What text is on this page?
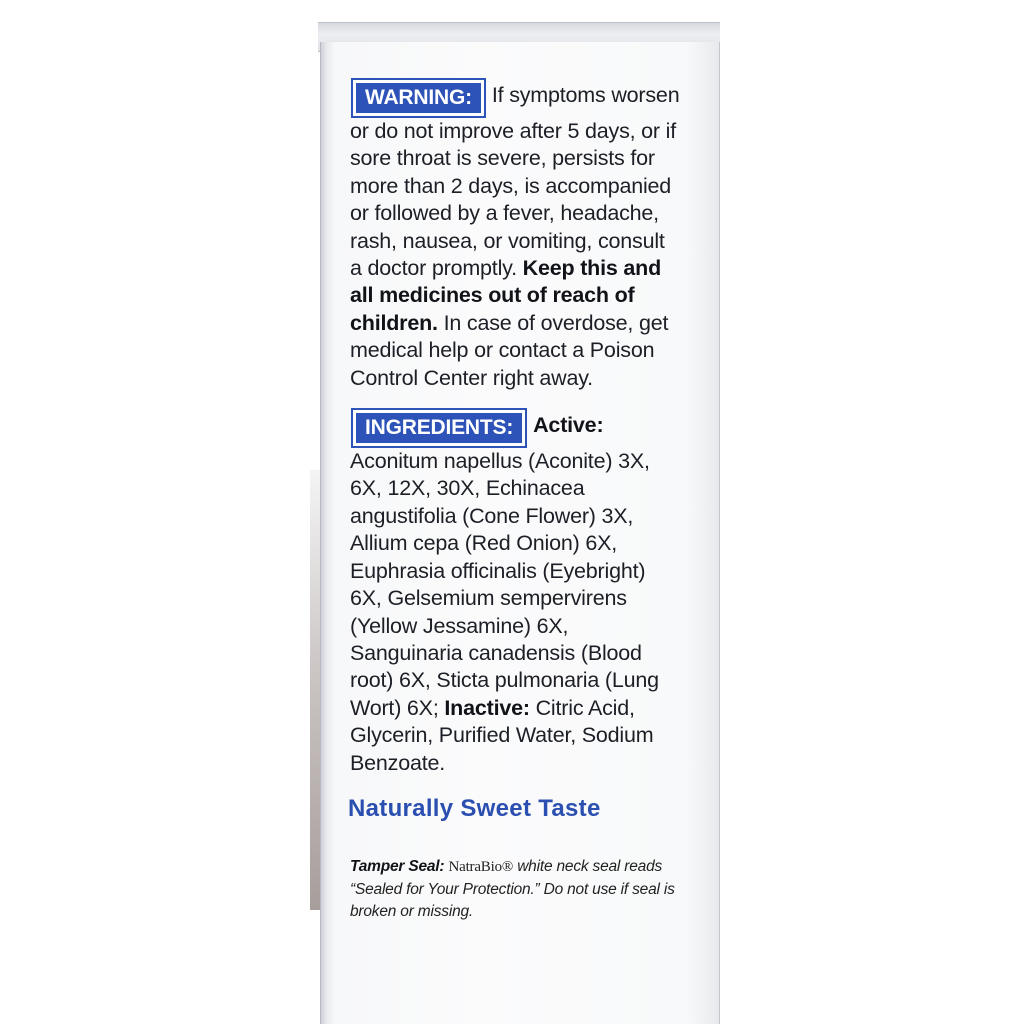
WARNING: If symptoms worsen or do not improve after 5 days, or if sore throat is severe, persists for more than 2 days, is accompanied or followed by a fever, headache, rash, nausea, or vomiting, consult a doctor promptly. Keep this and all medicines out of reach of children. In case of overdose, get medical help or contact a Poison Control Center right away.

INGREDIENTS: Active: Aconitum napellus (Aconite) 3X, 6X, 12X, 30X, Echinacea angustifolia (Cone Flower) 3X, Allium cepa (Red Onion) 6X, Euphrasia officinalis (Eyebright) 6X, Gelsemium sempervirens (Yellow Jessamine) 6X, Sanguinaria canadensis (Blood root) 6X, Sticta pulmonaria (Lung Wort) 6X; Inactive: Citric Acid, Glycerin, Purified Water, Sodium Benzoate.

Naturally Sweet Taste

Tamper Seal: NatraBio® white neck seal reads “Sealed for Your Protection.” Do not use if seal is broken or missing.
